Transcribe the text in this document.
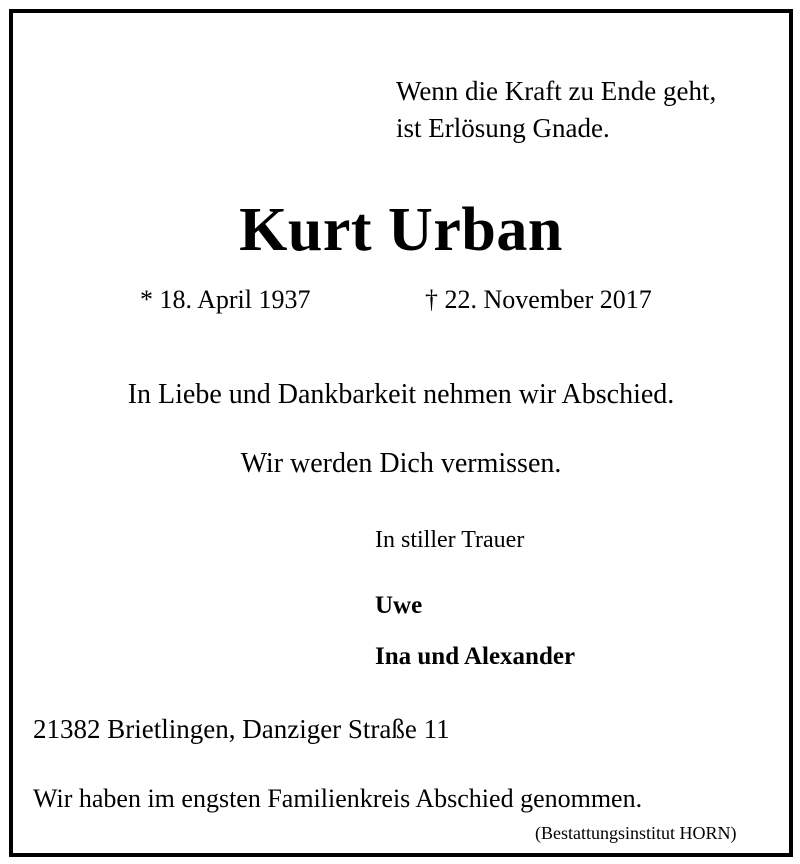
Wenn die Kraft zu Ende geht,
ist Erlösung Gnade.
Kurt Urban
* 18. April 1937	† 22. November 2017
In Liebe und Dankbarkeit nehmen wir Abschied.
Wir werden Dich vermissen.
In stiller Trauer
Uwe
Ina und Alexander
21382 Brietlingen, Danziger Straße 11
Wir haben im engsten Familienkreis Abschied genommen.
(Bestattungsinstitut HORN)
